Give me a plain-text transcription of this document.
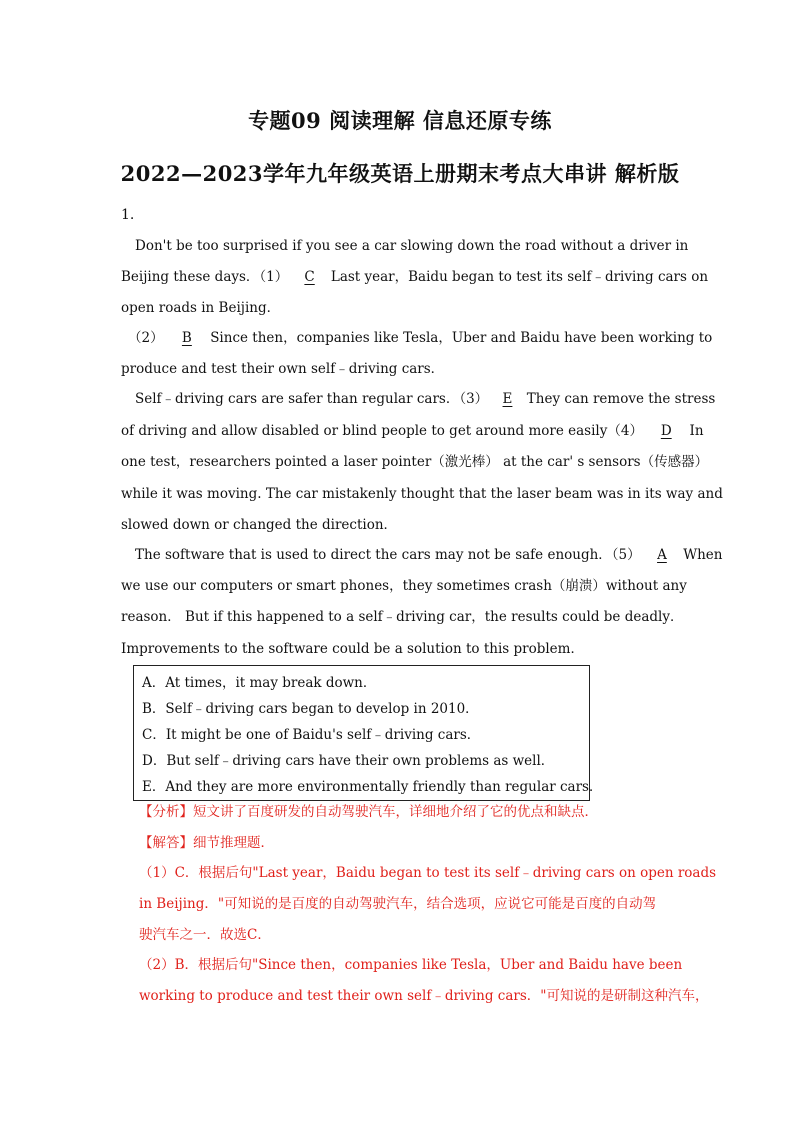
专题09 阅读理解 信息还原专练
2022—2023学年九年级英语上册期末考点大串讲 解析版
1.
Don't be too surprised if you see a car slowing down the road without a driver in
Beijing these days．（1） C Last year，Baidu began to test its self﹣driving cars on
open roads in Beijing．
（2） B Since then，companies like Tesla，Uber and Baidu have been working to
produce and test their own self﹣driving cars．
Self﹣driving cars are safer than regular cars．（3） E They can remove the stress
of driving and allow disabled or blind people to get around more easily（4） D In
one test，researchers pointed a laser pointer（激光棒） at the car' s sensors（传感器）
while it was moving. The car mistakenly thought that the laser beam was in its way and
slowed down or changed the direction．
The software that is used to direct the cars may not be safe enough．（5） A When
we use our computers or smart phones，they sometimes crash（崩溃）without any
reason． But if this happened to a self﹣driving car，the results could be deadly．
Improvements to the software could be a solution to this problem．
A．At times，it may break down．
B．Self﹣driving cars began to develop in 2010．
C．It might be one of Baidu's self﹣driving cars．
D．But self﹣driving cars have their own problems as well．
E．And they are more environmentally friendly than regular cars．
【分析】短文讲了百度研发的自动驾驶汽车，详细地介绍了它的优点和缺点．
【解答】细节推理题．
（1）C．根据后句"Last year，Baidu began to test its self﹣driving cars on open roads
in Beijing．"可知说的是百度的自动驾驶汽车，结合选项，应说它可能是百度的自动驾
驶汽车之一．故选C．
（2）B．根据后句"Since then，companies like Tesla，Uber and Baidu have been
working to produce and test their own self﹣driving cars．"可知说的是研制这种汽车，
